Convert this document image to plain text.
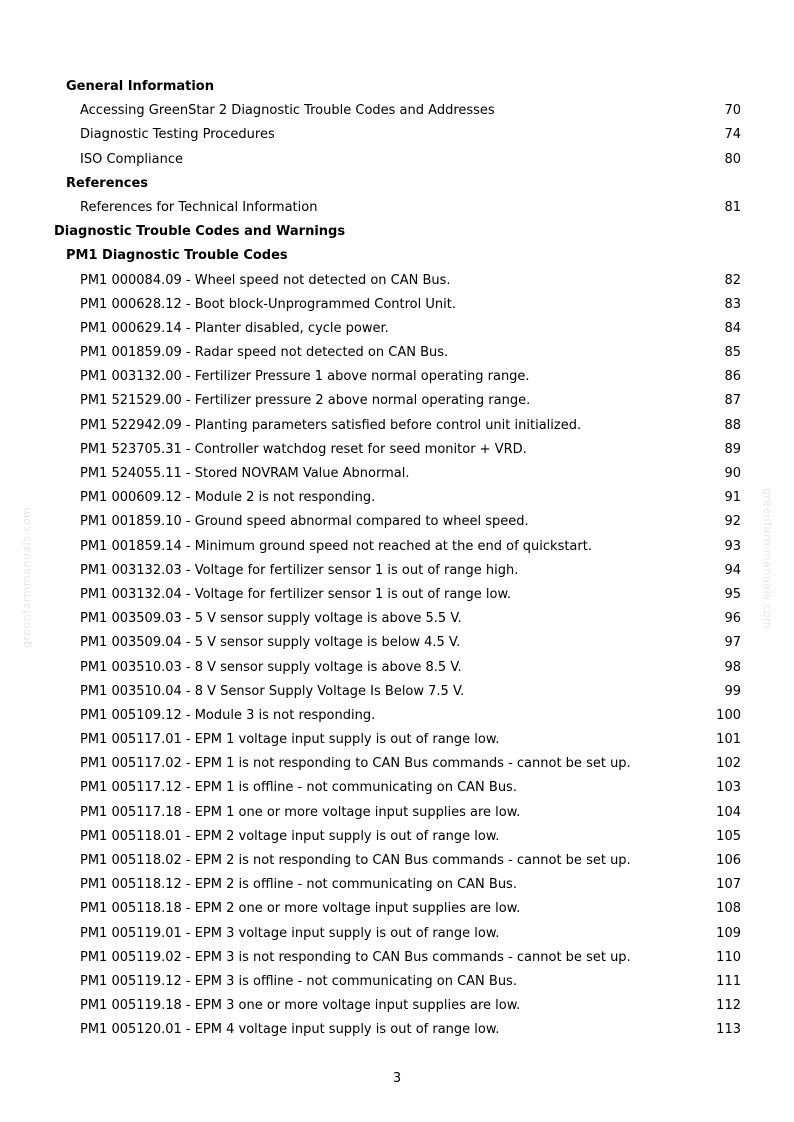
greenfarmmanuals.com	greenfarmmanuals.com
General Information
Accessing GreenStar 2 Diagnostic Trouble Codes and Addresses	70
Diagnostic Testing Procedures	74
ISO Compliance	80
References
References for Technical Information	81
Diagnostic Trouble Codes and Warnings
PM1 Diagnostic Trouble Codes
PM1 000084.09 - Wheel speed not detected on CAN Bus.	82
PM1 000628.12 - Boot block-Unprogrammed Control Unit.	83
PM1 000629.14 - Planter disabled, cycle power.	84
PM1 001859.09 - Radar speed not detected on CAN Bus.	85
PM1 003132.00 - Fertilizer Pressure 1 above normal operating range.	86
PM1 521529.00 - Fertilizer pressure 2 above normal operating range.	87
PM1 522942.09 - Planting parameters satisfied before control unit initialized.	88
PM1 523705.31 - Controller watchdog reset for seed monitor + VRD.	89
PM1 524055.11 - Stored NOVRAM Value Abnormal.	90
PM1 000609.12 - Module 2 is not responding.	91
PM1 001859.10 - Ground speed abnormal compared to wheel speed.	92
PM1 001859.14 - Minimum ground speed not reached at the end of quickstart.	93
PM1 003132.03 - Voltage for fertilizer sensor 1 is out of range high.	94
PM1 003132.04 - Voltage for fertilizer sensor 1 is out of range low.	95
PM1 003509.03 - 5 V sensor supply voltage is above 5.5 V.	96
PM1 003509.04 - 5 V sensor supply voltage is below 4.5 V.	97
PM1 003510.03 - 8 V sensor supply voltage is above 8.5 V.	98
PM1 003510.04 - 8 V Sensor Supply Voltage Is Below 7.5 V.	99
PM1 005109.12 - Module 3 is not responding.	100
PM1 005117.01 - EPM 1 voltage input supply is out of range low.	101
PM1 005117.02 - EPM 1 is not responding to CAN Bus commands - cannot be set up.	102
PM1 005117.12 - EPM 1 is offline - not communicating on CAN Bus.	103
PM1 005117.18 - EPM 1 one or more voltage input supplies are low.	104
PM1 005118.01 - EPM 2 voltage input supply is out of range low.	105
PM1 005118.02 - EPM 2 is not responding to CAN Bus commands - cannot be set up.	106
PM1 005118.12 - EPM 2 is offline - not communicating on CAN Bus.	107
PM1 005118.18 - EPM 2 one or more voltage input supplies are low.	108
PM1 005119.01 - EPM 3 voltage input supply is out of range low.	109
PM1 005119.02 - EPM 3 is not responding to CAN Bus commands - cannot be set up.	110
PM1 005119.12 - EPM 3 is offline - not communicating on CAN Bus.	111
PM1 005119.18 - EPM 3 one or more voltage input supplies are low.	112
PM1 005120.01 - EPM 4 voltage input supply is out of range low.	113
3
